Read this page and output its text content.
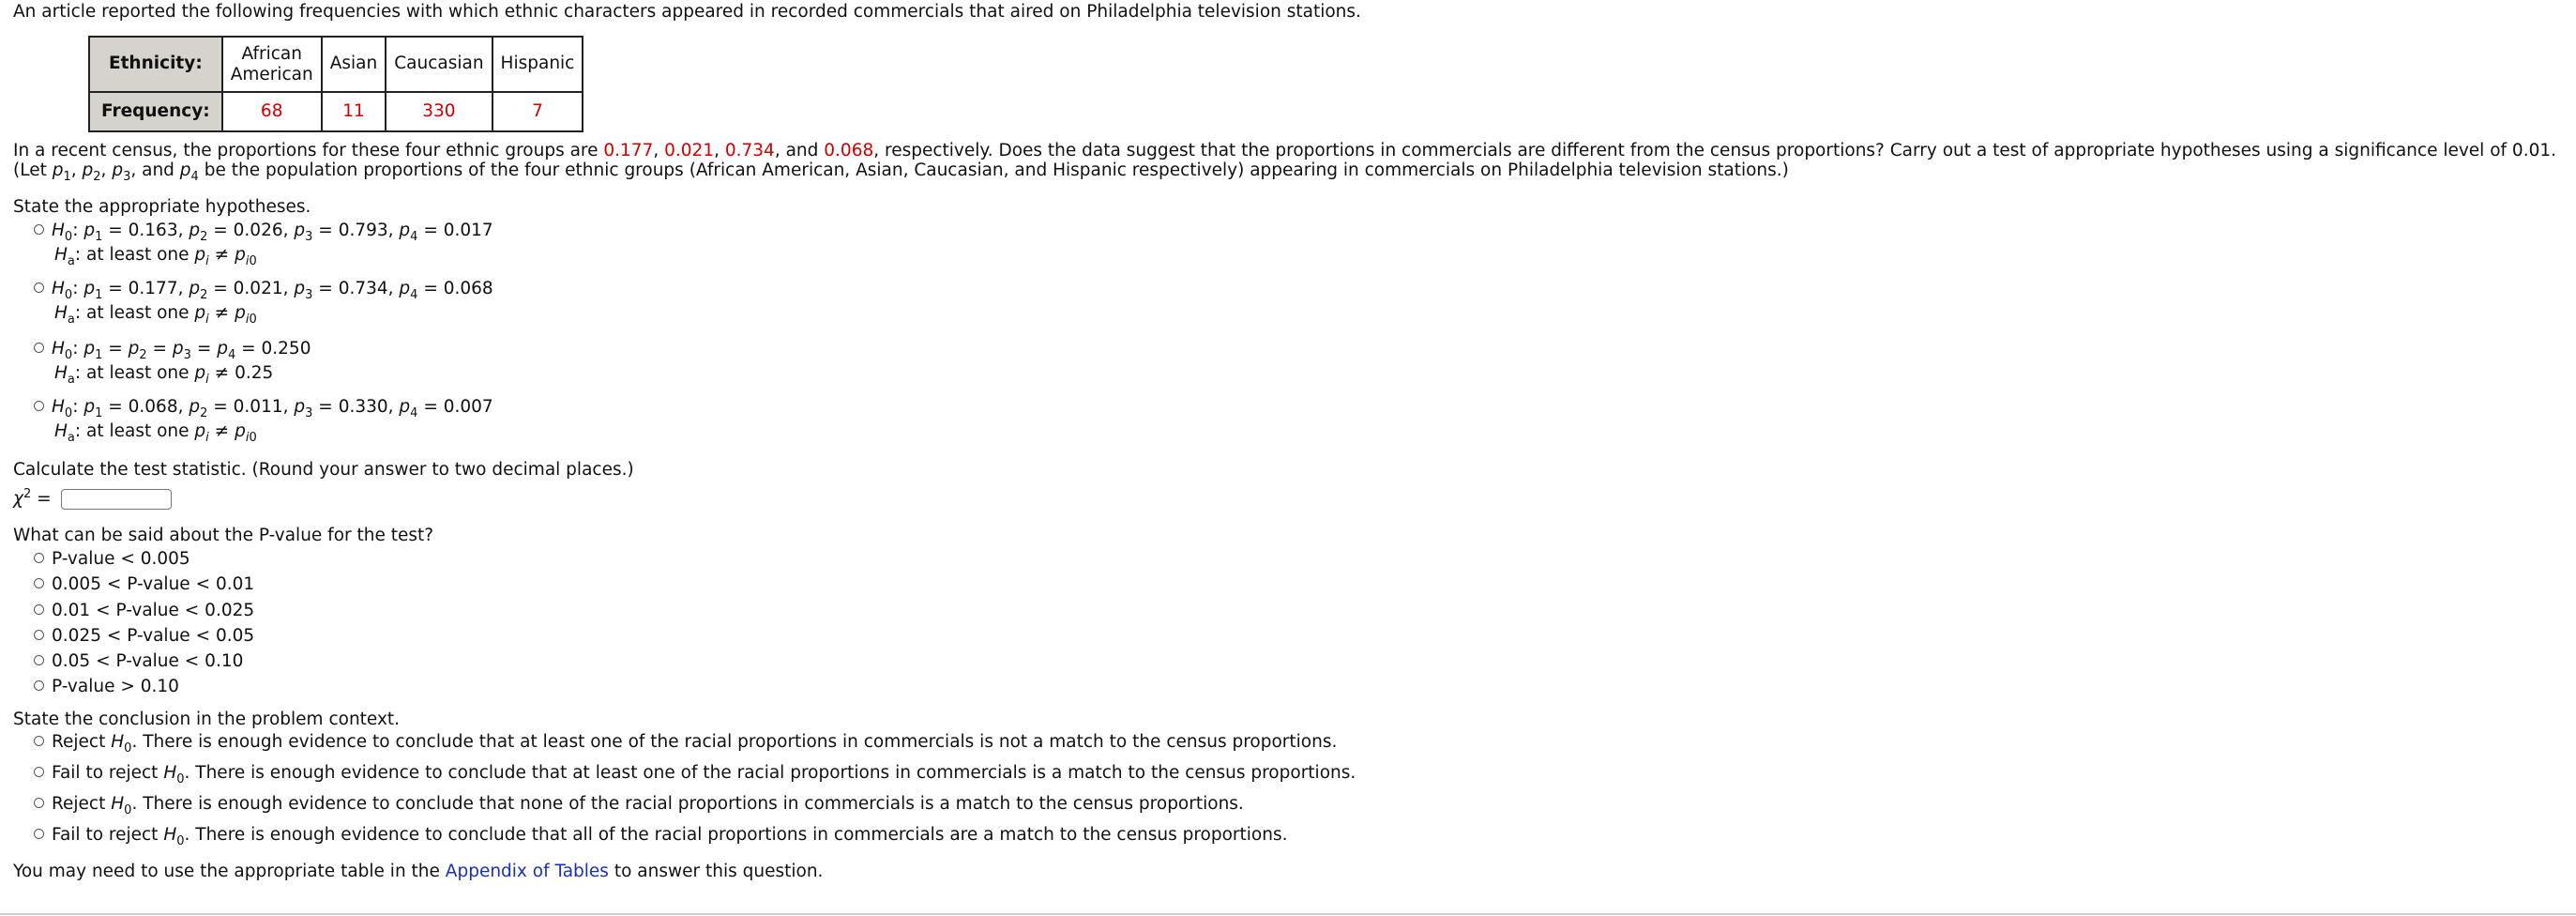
An article reported the following frequencies with which ethnic characters appeared in recorded commercials that aired on Philadelphia television stations.
Ethnicity:	African American	Asian	Caucasian	Hispanic
Frequency:	68	11	330	7
In a recent census, the proportions for these four ethnic groups are 0.177, 0.021, 0.734, and 0.068, respectively. Does the data suggest that the proportions in commercials are different from the census proportions? Carry out a test of appropriate hypotheses using a significance level of 0.01. (Let $p_1$, $p_2$, $p_3$, and $p_4$ be the population proportions of the four ethnic groups (African American, Asian, Caucasian, and Hispanic respectively) appearing in commercials on Philadelphia television stations.)
State the appropriate hypotheses.
$H_0$: $p_1 = 0.163$, $p_2 = 0.026$, $p_3 = 0.793$, $p_4 = 0.017$
$H_a$: at least one $p_i \ne p_{i0}$
$H_0$: $p_1 = 0.177$, $p_2 = 0.021$, $p_3 = 0.734$, $p_4 = 0.068$
$H_a$: at least one $p_i \ne p_{i0}$
$H_0$: $p_1 = p_2 = p_3 = p_4 = 0.250$
$H_a$: at least one $p_i \ne 0.25$
$H_0$: $p_1 = 0.068$, $p_2 = 0.011$, $p_3 = 0.330$, $p_4 = 0.007$
$H_a$: at least one $p_i \ne p_{i0}$
Calculate the test statistic. (Round your answer to two decimal places.)
$\chi^2$ =
What can be said about the P-value for the test?
P-value < 0.005
0.005 < P-value < 0.01
0.01 < P-value < 0.025
0.025 < P-value < 0.05
0.05 < P-value < 0.10
P-value > 0.10
State the conclusion in the problem context.
Reject $H_0$. There is enough evidence to conclude that at least one of the racial proportions in commercials is not a match to the census proportions.
Fail to reject $H_0$. There is enough evidence to conclude that at least one of the racial proportions in commercials is a match to the census proportions.
Reject $H_0$. There is enough evidence to conclude that none of the racial proportions in commercials is a match to the census proportions.
Fail to reject $H_0$. There is enough evidence to conclude that all of the racial proportions in commercials are a match to the census proportions.
You may need to use the appropriate table in the Appendix of Tables to answer this question.
